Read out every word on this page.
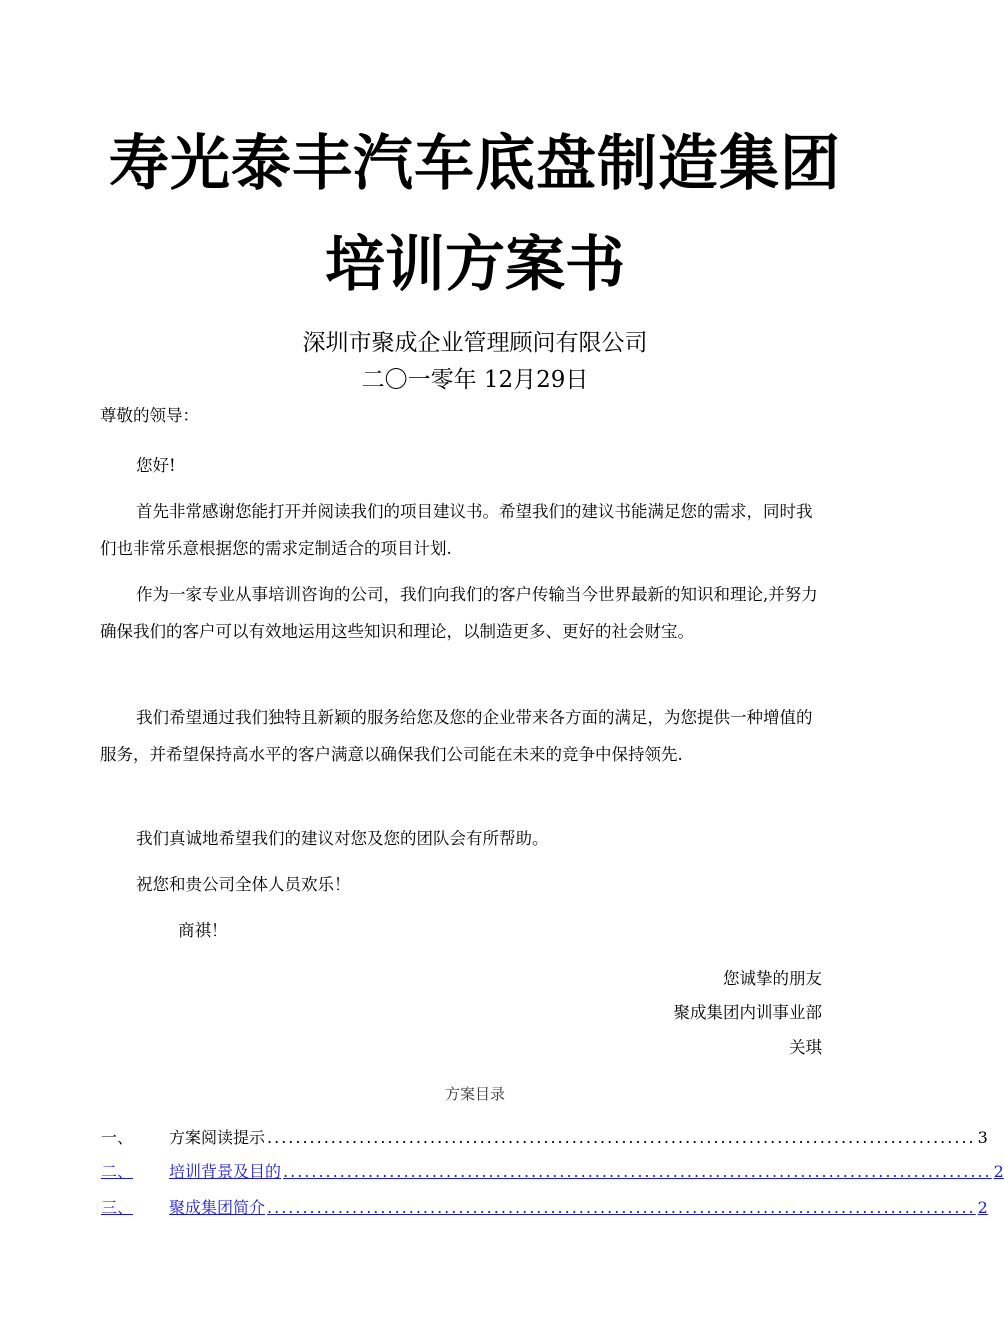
寿光泰丰汽车底盘制造集团
培训方案书

深圳市聚成企业管理顾问有限公司

二〇一零年 12月29日

尊敬的领导：

您好!

首先非常感谢您能打开并阅读我们的项目建议书。希望我们的建议书能满足您的需求，同时我们也非常乐意根据您的需求定制适合的项目计划.

作为一家专业从事培训咨询的公司，我们向我们的客户传输当今世界最新的知识和理论,并努力确保我们的客户可以有效地运用这些知识和理论，以制造更多、更好的社会财宝。

我们希望通过我们独特且新颖的服务给您及您的企业带来各方面的满足，为您提供一种增值的服务，并希望保持高水平的客户满意以确保我们公司能在未来的竞争中保持领先.

我们真诚地希望我们的建议对您及您的团队会有所帮助。

祝您和贵公司全体人员欢乐！

商祺！

您诚挚的朋友

聚成集团内训事业部

关琪

方案目录

一、	方案阅读提示 .................................................................................................... 3
二、	培训背景及目的 .................................................................................................... 2
三、	聚成集团简介 .................................................................................................... 2
